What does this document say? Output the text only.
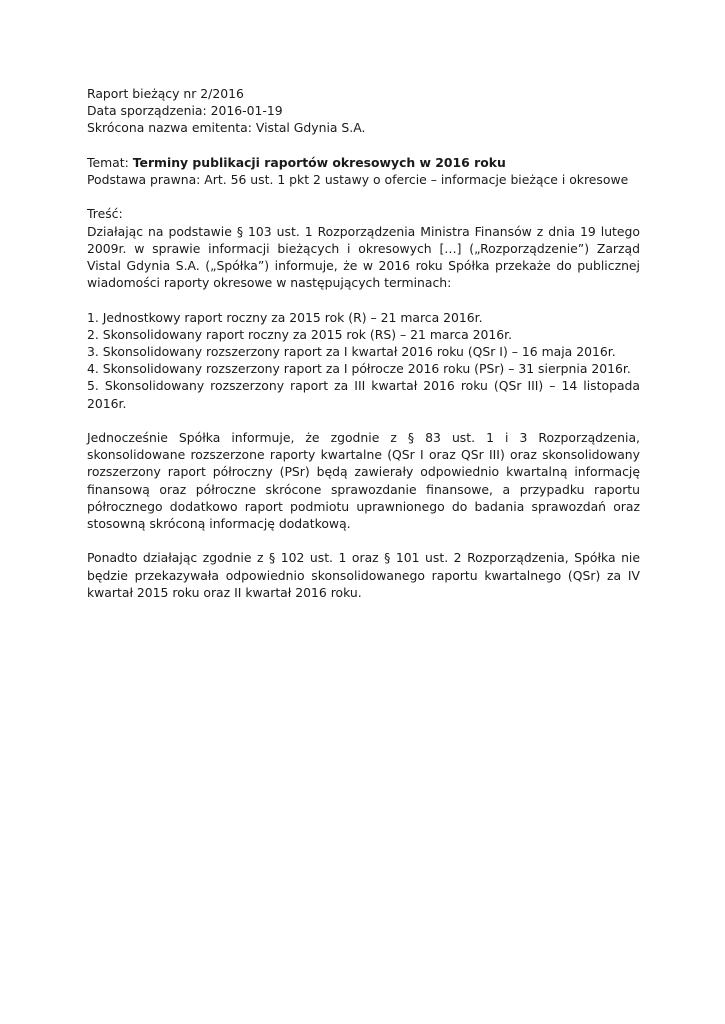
Raport bieżący nr 2/2016
Data sporządzenia: 2016-01-19
Skrócona nazwa emitenta: Vistal Gdynia S.A.
Temat: Terminy publikacji raportów okresowych w 2016 roku
Podstawa prawna: Art. 56 ust. 1 pkt 2 ustawy o ofercie – informacje bieżące i okresowe
Treść:

Działając na podstawie § 103 ust. 1 Rozporządzenia Ministra Finansów z dnia 19 lutego 2009r. w sprawie informacji bieżących i okresowych […] („Rozporządzenie”) Zarząd Vistal Gdynia S.A. („Spółka”) informuje, że w 2016 roku Spółka przekaże do publicznej wiadomości raporty okresowe w następujących terminach:

1. Jednostkowy raport roczny za 2015 rok (R) – 21 marca 2016r.
2. Skonsolidowany raport roczny za 2015 rok (RS) – 21 marca 2016r.
3. Skonsolidowany rozszerzony raport za I kwartał 2016 roku (QSr I) – 16 maja 2016r.
4. Skonsolidowany rozszerzony raport za I półrocze 2016 roku (PSr) – 31 sierpnia 2016r.
5. Skonsolidowany rozszerzony raport za III kwartał 2016 roku (QSr III) – 14 listopada 2016r.

Jednocześnie Spółka informuje, że zgodnie z § 83 ust. 1 i 3 Rozporządzenia, skonsolidowane rozszerzone raporty kwartalne (QSr I oraz QSr III) oraz skonsolidowany rozszerzony raport półroczny (PSr) będą zawierały odpowiednio kwartalną informację finansową oraz półroczne skrócone sprawozdanie finansowe, a przypadku raportu półrocznego dodatkowo raport podmiotu uprawnionego do badania sprawozdań oraz stosowną skróconą informację dodatkową.

Ponadto działając zgodnie z § 102 ust. 1 oraz § 101 ust. 2 Rozporządzenia, Spółka nie będzie przekazywała odpowiednio skonsolidowanego raportu kwartalnego (QSr) za IV kwartał 2015 roku oraz II kwartał 2016 roku.
